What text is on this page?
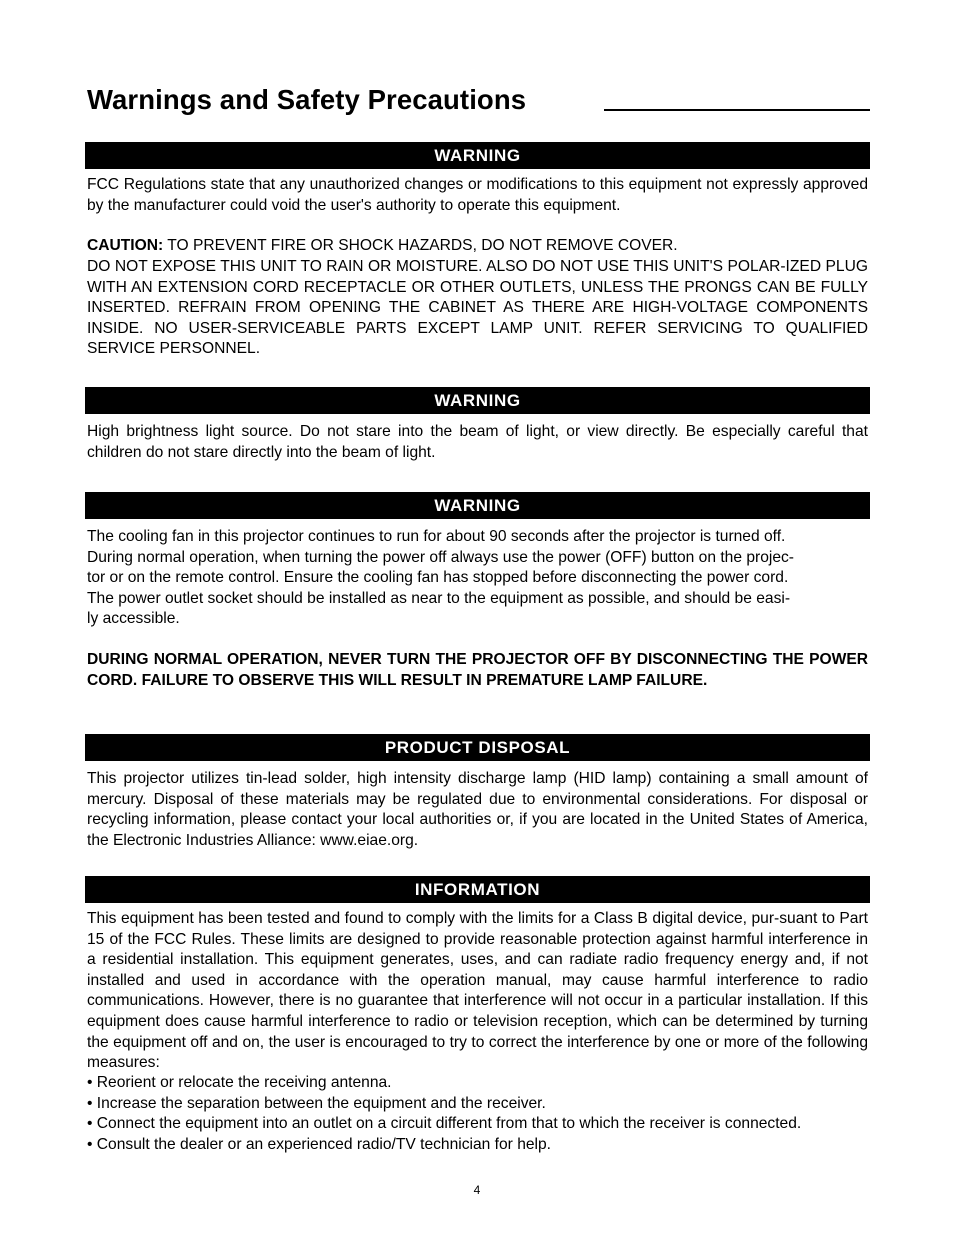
Warnings and Safety Precautions
WARNING
FCC Regulations state that any unauthorized changes or modifications to this equipment not expressly approved by the manufacturer could void the user's authority to operate this equipment.
CAUTION: TO PREVENT FIRE OR SHOCK HAZARDS, DO NOT REMOVE COVER.
DO NOT EXPOSE THIS UNIT TO RAIN OR MOISTURE. ALSO DO NOT USE THIS UNIT'S POLAR-IZED PLUG WITH AN EXTENSION CORD RECEPTACLE OR OTHER OUTLETS, UNLESS THE PRONGS CAN BE FULLY INSERTED. REFRAIN FROM OPENING THE CABINET AS THERE ARE HIGH-VOLTAGE COMPONENTS INSIDE. NO USER-SERVICEABLE PARTS EXCEPT LAMP UNIT. REFER SERVICING TO QUALIFIED SERVICE PERSONNEL.
WARNING
High brightness light source. Do not stare into the beam of light, or view directly. Be especially careful that children do not stare directly into the beam of light.
WARNING
The cooling fan in this projector continues to run for about 90 seconds after the projector is turned off.
During normal operation, when turning the power off always use the power (OFF) button on the projec-
tor or on the remote control. Ensure the cooling fan has stopped before disconnecting the power cord.
The power outlet socket should be installed as near to the equipment as possible, and should be easi-
ly accessible.
DURING NORMAL OPERATION, NEVER TURN THE PROJECTOR OFF BY DISCONNECTING THE POWER CORD. FAILURE TO OBSERVE THIS WILL RESULT IN PREMATURE LAMP FAILURE.
PRODUCT DISPOSAL
This projector utilizes tin-lead solder, high intensity discharge lamp (HID lamp) containing a small amount of mercury. Disposal of these materials may be regulated due to environmental considerations. For disposal or recycling information, please contact your local authorities or, if you are located in the United States of America, the Electronic Industries Alliance: www.eiae.org.
INFORMATION
This equipment has been tested and found to comply with the limits for a Class B digital device, pur-suant to Part 15 of the FCC Rules. These limits are designed to provide reasonable protection against harmful interference in a residential installation. This equipment generates, uses, and can radiate radio frequency energy and, if not installed and used in accordance with the operation manual, may cause harmful interference to radio communications. However, there is no guarantee that interference will not occur in a particular installation. If this equipment does cause harmful interference to radio or television reception, which can be determined by turning the equipment off and on, the user is encouraged to try to correct the interference by one or more of the following measures:
• Reorient or relocate the receiving antenna.
• Increase the separation between the equipment and the receiver.
• Connect the equipment into an outlet on a circuit different from that to which the receiver is connected.
• Consult the dealer or an experienced radio/TV technician for help.
4
